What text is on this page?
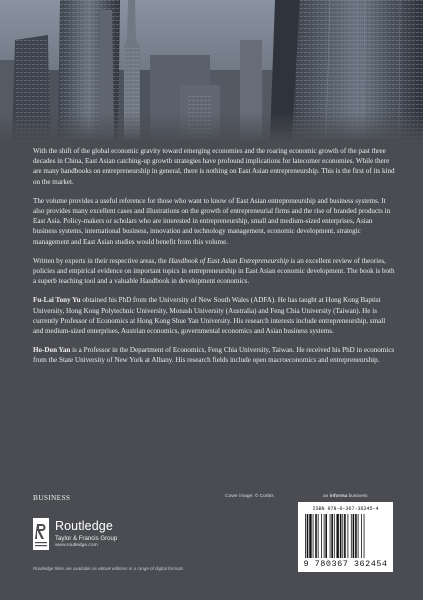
With the shift of the global economic gravity toward emerging economies and the roaring economic growth of the past three decades in China, East Asian catching-up growth strategies have profound implications for latecomer economies. While there are many handbooks on entrepreneurship in general, there is nothing on East Asian entrepreneurship. This is the first of its kind on the market.

The volume provides a useful reference for those who want to know of East Asian entrepreneurship and business systems. It also provides many excellent cases and illustrations on the growth of entrepreneurial firms and the rise of branded products in East Asia. Policy-makers or scholars who are interested in entrepreneurship, small and medium-sized enterprises, Asian business systems, international business, innovation and technology management, economic development, strategic management and East Asian studies would benefit from this volume.

Written by experts in their respective areas, the Handbook of East Asian Entrepreneurship is an excellent review of theories, policies and empirical evidence on important topics in entrepreneurship in East Asian economic development. The book is both a superb teaching tool and a valuable Handbook in development economics.

Fu-Lai Tony Yu obtained his PhD from the University of New South Wales (ADFA). He has taught at Hong Kong Baptist University, Hong Kong Polytechnic University, Monash University (Australia) and Feng Chia University (Taiwan). He is currently Professor of Economics at Hong Kong Shue Yan University. His research interests include entrepreneurship, small and medium-sized enterprises, Austrian economics, governmental economics and Asian business systems.

Ho-Don Yan is a Professor in the Department of Economics, Feng Chia University, Taiwan. He received his PhD in economics from the State University of New York at Albany. His research fields include open macroeconomics and entrepreneurship.

BUSINESS	Cover image: © Corbis	an informa business
Routledge
Taylor & Francis Group
www.routledge.com
Routledge titles are available as eBook editions in a range of digital formats
ISBN 978-0-367-36245-4
9 780367 362454
